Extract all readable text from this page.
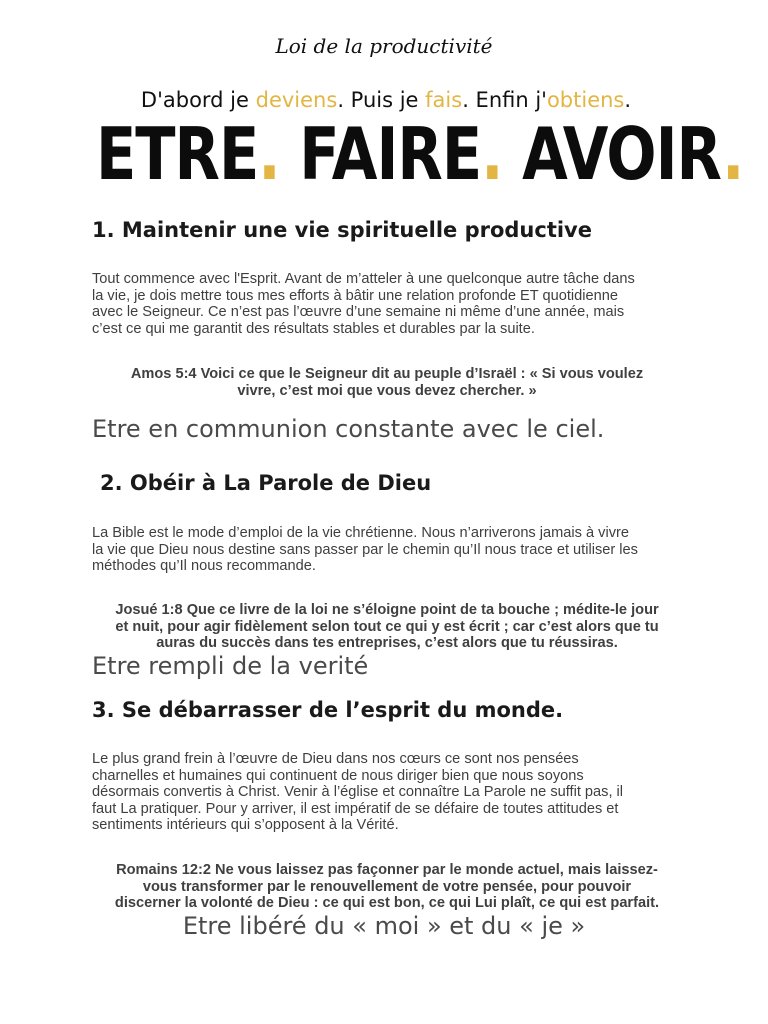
Loi de la productivité
D'abord je deviens. Puis je fais. Enfin j'obtiens.
ETRE. FAIRE. AVOIR.
1. Maintenir une vie spirituelle productive
Tout commence avec l'Esprit. Avant de m’atteler à une quelconque autre tâche dans
la vie, je dois mettre tous mes efforts à bâtir une relation profonde ET quotidienne
avec le Seigneur. Ce n’est pas l’œuvre d’une semaine ni même d’une année, mais
c’est ce qui me garantit des résultats stables et durables par la suite.
Amos 5:4 Voici ce que le Seigneur dit au peuple d’Israël : « Si vous voulez
vivre, c’est moi que vous devez chercher. »
Etre en communion constante avec le ciel.
2. Obéir à La Parole de Dieu
La Bible est le mode d’emploi de la vie chrétienne. Nous n’arriverons jamais à vivre
la vie que Dieu nous destine sans passer par le chemin qu’Il nous trace et utiliser les
méthodes qu’Il nous recommande.
Josué 1:8 Que ce livre de la loi ne s’éloigne point de ta bouche ; médite-le jour
et nuit, pour agir fidèlement selon tout ce qui y est écrit ; car c’est alors que tu
auras du succès dans tes entreprises, c’est alors que tu réussiras.
Etre rempli de la verité
3. Se débarrasser de l’esprit du monde.
Le plus grand frein à l’œuvre de Dieu dans nos cœurs ce sont nos pensées
charnelles et humaines qui continuent de nous diriger bien que nous soyons
désormais convertis à Christ. Venir à l’église et connaître La Parole ne suffit pas, il
faut La pratiquer. Pour y arriver, il est impératif de se défaire de toutes attitudes et
sentiments intérieurs qui s’opposent à la Vérité.
Romains 12:2 Ne vous laissez pas façonner par le monde actuel, mais laissez-
vous transformer par le renouvellement de votre pensée, pour pouvoir
discerner la volonté de Dieu : ce qui est bon, ce qui Lui plaît, ce qui est parfait.
Etre libéré du « moi » et du « je »
